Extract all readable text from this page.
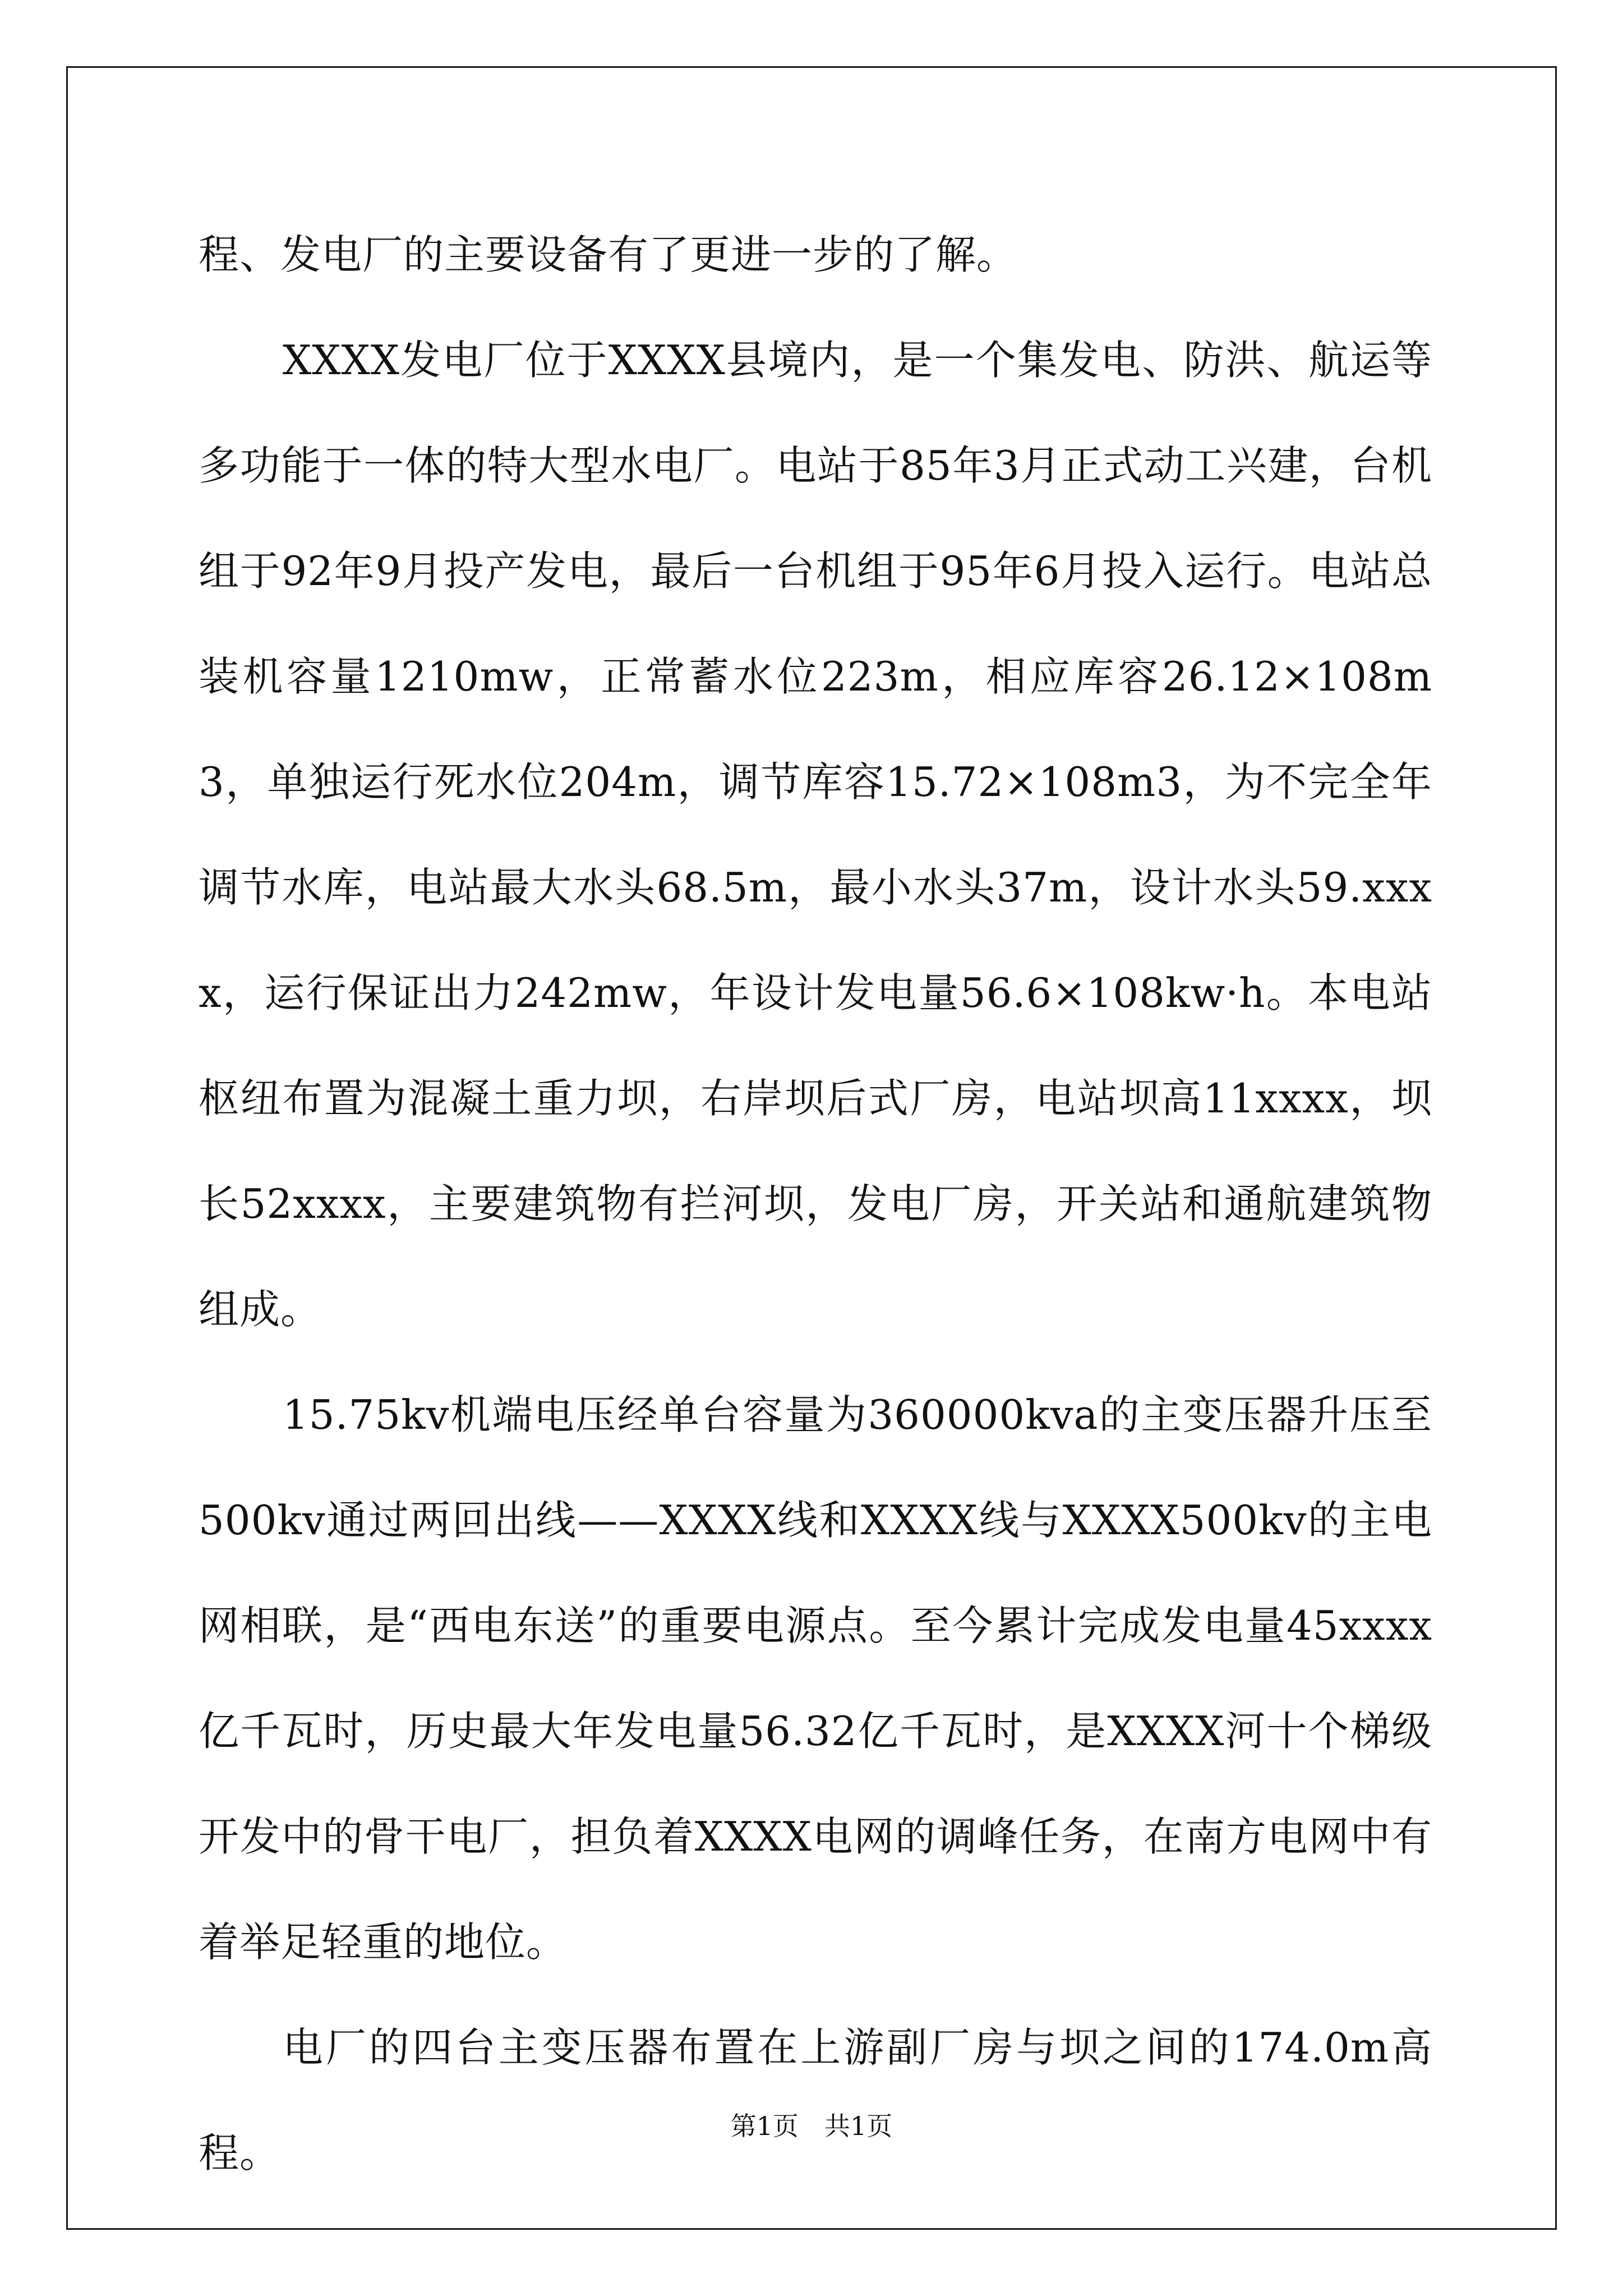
程、发电厂的主要设备有了更进一步的了解。

XXXX发电厂位于XXXX县境内，是一个集发电、防洪、航运等多功能于一体的特大型水电厂。电站于85年3月正式动工兴建，台机组于92年9月投产发电，最后一台机组于95年6月投入运行。电站总装机容量1210mw，正常蓄水位223m，相应库容26.12×108m3，单独运行死水位204m，调节库容15.72×108m3，为不完全年调节水库，电站最大水头68.5m，最小水头37m，设计水头59.xxxx，运行保证出力242mw，年设计发电量56.6×108kw·h。本电站枢纽布置为混凝土重力坝，右岸坝后式厂房，电站坝高11xxxx，坝长52xxxx，主要建筑物有拦河坝，发电厂房，开关站和通航建筑物组成。

15.75kv机端电压经单台容量为360000kva的主变压器升压至500kv通过两回出线——XXXX线和XXXX线与XXXX500kv的主电网相联，是“西电东送”的重要电源点。至今累计完成发电量45xxxx亿千瓦时，历史最大年发电量56.32亿千瓦时，是XXXX河十个梯级开发中的骨干电厂，担负着XXXX电网的调峰任务，在南方电网中有着举足轻重的地位。

电厂的四台主变压器布置在上游副厂房与坝之间的174.0m高程。

第1页　共1页
